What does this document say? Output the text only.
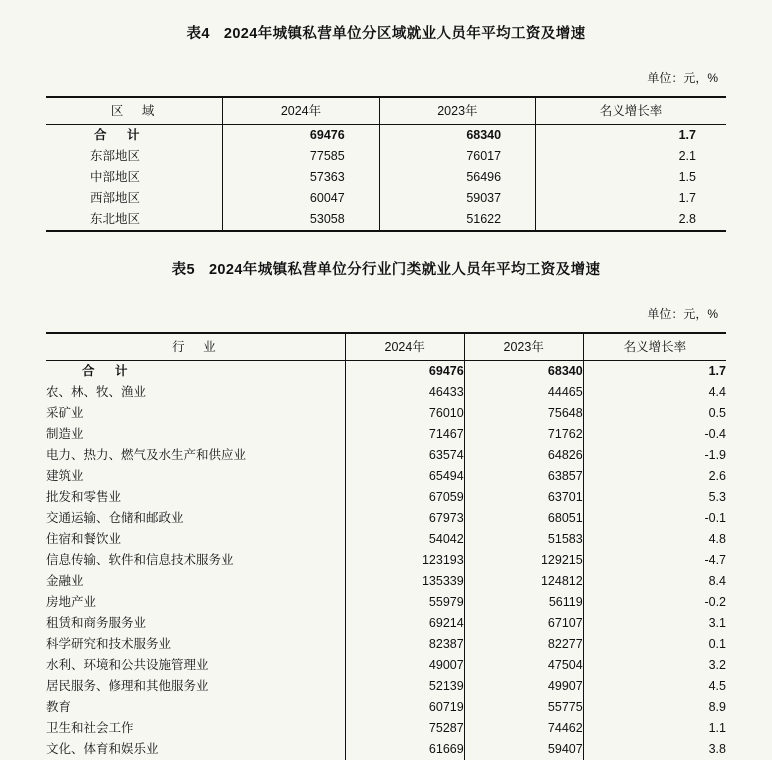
表4 2024年城镇私营单位分区域就业人员年平均工资及增速
单位：元，%
区　域	2024年	2023年	名义增长率
合　计	69476	68340	1.7
东部地区	77585	76017	2.1
中部地区	57363	56496	1.5
西部地区	60047	59037	1.7
东北地区	53058	51622	2.8
表5 2024年城镇私营单位分行业门类就业人员年平均工资及增速
单位：元，%
行　业	2024年	2023年	名义增长率
合　计	69476	68340	1.7
农、林、牧、渔业	46433	44465	4.4
采矿业	76010	75648	0.5
制造业	71467	71762	-0.4
电力、热力、燃气及水生产和供应业	63574	64826	-1.9
建筑业	65494	63857	2.6
批发和零售业	67059	63701	5.3
交通运输、仓储和邮政业	67973	68051	-0.1
住宿和餐饮业	54042	51583	4.8
信息传输、软件和信息技术服务业	123193	129215	-4.7
金融业	135339	124812	8.4
房地产业	55979	56119	-0.2
租赁和商务服务业	69214	67107	3.1
科学研究和技术服务业	82387	82277	0.1
水利、环境和公共设施管理业	49007	47504	3.2
居民服务、修理和其他服务业	52139	49907	4.5
教育	60719	55775	8.9
卫生和社会工作	75287	74462	1.1
文化、体育和娱乐业	61669	59407	3.8
